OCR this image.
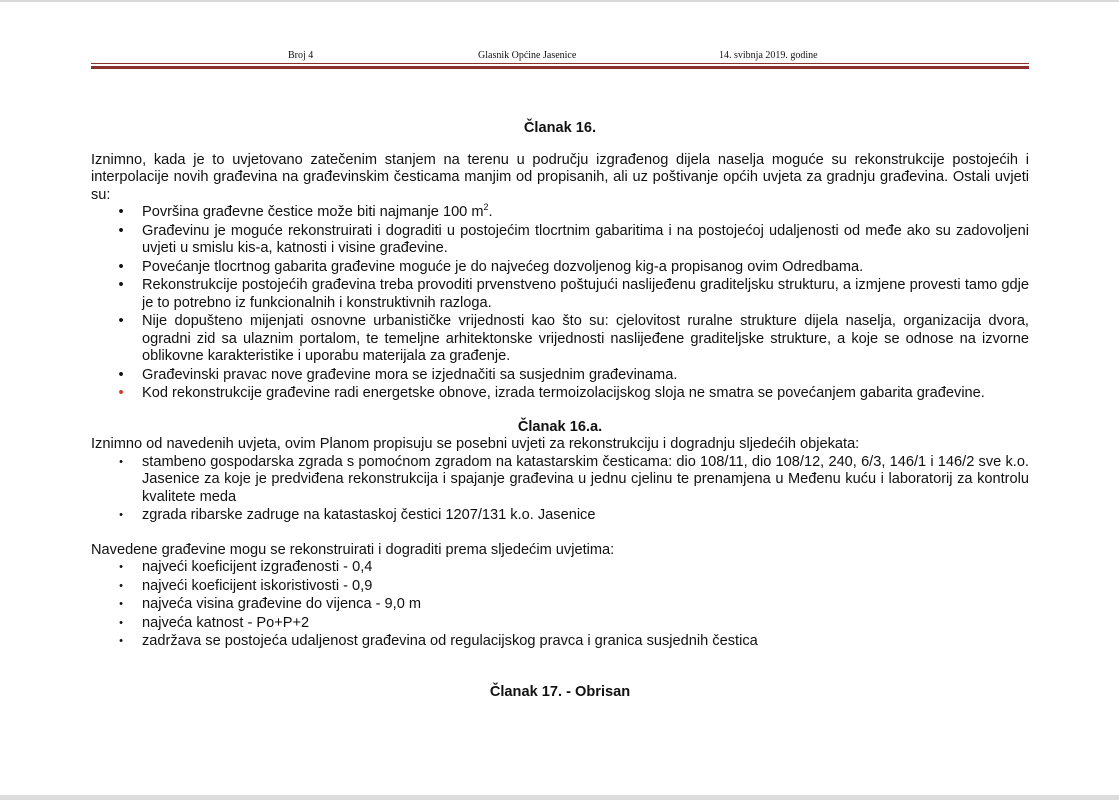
Broj 4	Glasnik Općine Jasenice	14. svibnja 2019. godine
Članak 16.

Iznimno, kada je to uvjetovano zatečenim stanjem na terenu u području izgrađenog dijela naselja moguće su rekonstrukcije postojećih i interpolacije novih građevina na građevinskim česticama manjim od propisanih, ali uz poštivanje općih uvjeta za gradnju građevina. Ostali uvjeti su:

•	Površina građevne čestice može biti najmanje 100 $m^2$.
•	Građevinu je moguće rekonstruirati i dograditi u postojećim tlocrtnim gabaritima i na postojećoj udaljenosti od međe ako su zadovoljeni uvjeti u smislu kis-a, katnosti i visine građevine.
•	Povećanje tlocrtnog gabarita građevine moguće je do najvećeg dozvoljenog kig-a propisanog ovim Odredbama.
•	Rekonstrukcije postojećih građevina treba provoditi prvenstveno poštujući naslijeđenu graditeljsku strukturu, a izmjene provesti tamo gdje je to potrebno iz funkcionalnih i konstruktivnih razloga.
•	Nije dopušteno mijenjati osnovne urbanističke vrijednosti kao što su: cjelovitost ruralne strukture dijela naselja, organizacija dvora, ogradni zid sa ulaznim portalom, te temeljne arhitektonske vrijednosti naslijeđene graditeljske strukture, a koje se odnose na izvorne oblikovne karakteristike i uporabu materijala za građenje.
•	Građevinski pravac nove građevine mora se izjednačiti sa susjednim građevinama.
•	Kod rekonstrukcije građevine radi energetske obnove, izrada termoizolacijskog sloja ne smatra se povećanjem gabarita građevine.
Članak 16.a.

Iznimno od navedenih uvjeta, ovim Planom propisuju se posebni uvjeti za rekonstrukciju i dogradnju sljedećih objekata:

•	stambeno gospodarska zgrada s pomoćnom zgradom na katastarskim česticama: dio 108/11, dio 108/12, 240, 6/3, 146/1 i 146/2 sve k.o. Jasenice za koje je predviđena rekonstrukcija i spajanje građevina u jednu cjelinu te prenamjena u Međenu kuću i laboratorij za kontrolu kvalitete meda
•	zgrada ribarske zadruge na katastaskoj čestici 1207/131 k.o. Jasenice

Navedene građevine mogu se rekonstruirati i dograditi prema sljedećim uvjetima:

•	najveći koeficijent izgrađenosti - 0,4
•	najveći koeficijent iskoristivosti - 0,9
•	najveća visina građevine do vijenca - 9,0 m
•	najveća katnost - Po+P+2
•	zadržava se postojeća udaljenost građevina od regulacijskog pravca i granica susjednih čestica
Članak 17. - Obrisan
